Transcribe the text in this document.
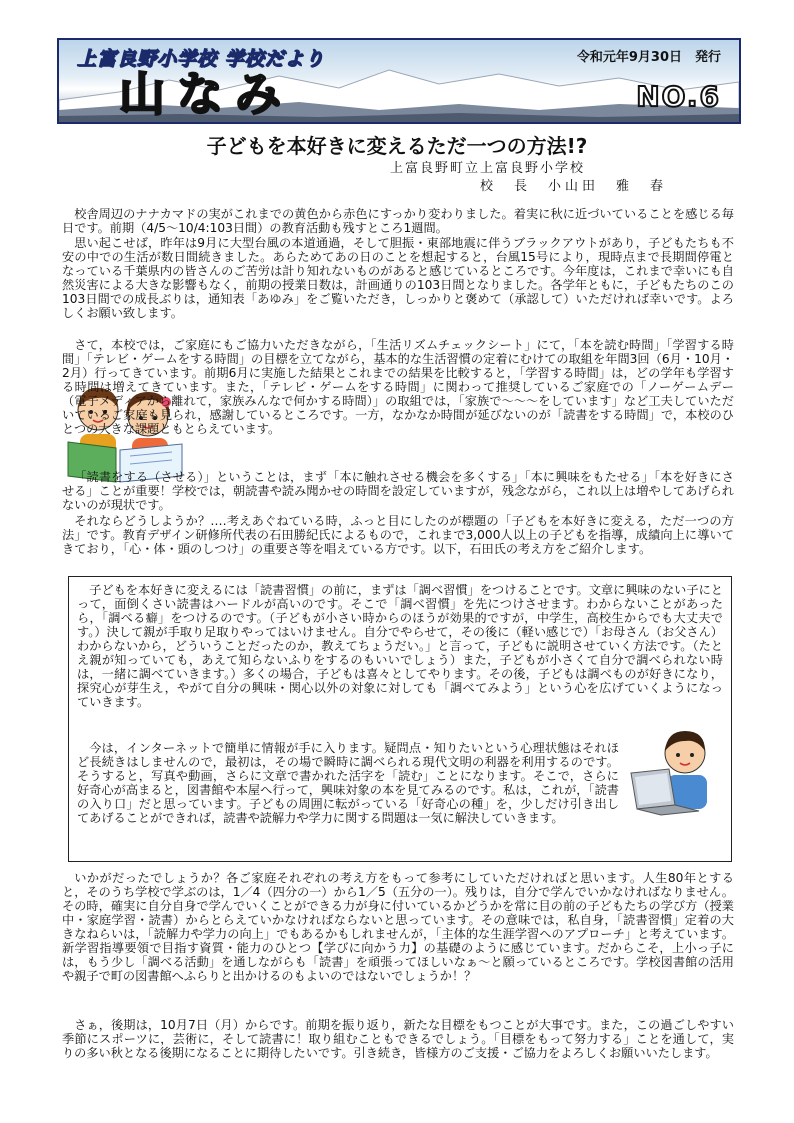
上富良野小学校 学校だより	令和元年9月30日　発行
山なみ	NO.6
子どもを本好きに変えるただ一つの方法!?
上富良野町立上富良野小学校
校　長　小山田　雅　春

校舎周辺のナナカマドの実がこれまでの黄色から赤色にすっかり変わりました。着実に秋に近づいていることを感じる毎日です。前期（4/5～10/4:103日間）の教育活動も残すところ1週間。

思い起こせば，昨年は9月に大型台風の本道通過，そして胆振・東部地震に伴うブラックアウトがあり，子どもたちも不安の中での生活が数日間続きました。あらためてあの日のことを想起すると，台風15号により，現時点まで長期間停電となっている千葉県内の皆さんのご苦労は計り知れないものがあると感じているところです。今年度は，これまで幸いにも自然災害による大きな影響もなく，前期の授業日数は，計画通りの103日間となりました。各学年ともに，子どもたちのこの103日間での成長ぶりは，通知表「あゆみ」をご覧いただき，しっかりと褒めて（承認して）いただければ幸いです。よろしくお願い致します。

さて，本校では，ご家庭にもご協力いただきながら，「生活リズムチェックシート」にて，「本を読む時間」「学習する時間」「テレビ・ゲームをする時間」の目標を立てながら，基本的な生活習慣の定着にむけての取組を年間3回（6月・10月・2月）行ってきています。前期6月に実施した結果とこれまでの結果を比較すると，「学習する時間」は，どの学年も学習する時間は増えてきています。また，「テレビ・ゲームをする時間」に関わって推奨しているご家庭での「ノーゲームデー（電子メディアから離れて，家族みんなで何かする時間）」の取組では，「家族で～～～をしています」など工夫していただいているご家庭も見られ，感謝しているところです。一方，なかなか時間が延びないのが「読書をする時間」で，本校のひとつの大きな課題ともとらえています。

「読書をする（させる）」ということは，まず「本に触れさせる機会を多くする」「本に興味をもたせる」「本を好きにさせる」ことが重要！学校では，朝読書や読み聞かせの時間を設定していますが，残念ながら，これ以上は増やしてあげられないのが現状です。

それならどうしようか？‥‥考えあぐねている時，ふっと目にしたのが標題の「子どもを本好きに変える，ただ一つの方法」です。教育デザイン研修所代表の石田勝紀氏によるもので，これまで3,000人以上の子どもを指導，成績向上に導いてきており，「心・体・頭のしつけ」の重要さ等を唱えている方です。以下，石田氏の考え方をご紹介します。

子どもを本好きに変えるには「読書習慣」の前に，まずは「調べ習慣」をつけることです。文章に興味のない子にとって，面倒くさい読書はハードルが高いのです。そこで「調べ習慣」を先につけさせます。わからないことがあったら，「調べる癖」をつけるのです。（子どもが小さい時からのほうが効果的ですが，中学生，高校生からでも大丈夫です。）決して親が手取り足取りやってはいけません。自分でやらせて，その後に（軽い感じで）「お母さん（お父さん）わからないから，どういうことだったのか，教えてちょうだい。」と言って，子どもに説明させていく方法です。（たとえ親が知っていても，あえて知らないふりをするのもいいでしょう）また，子どもが小さくて自分で調べられない時は，一緒に調べていきます。）多くの場合，子どもは喜々としてやります。その後，子どもは調べものが好きになり，探究心が芽生え，やがて自分の興味・関心以外の対象に対しても「調べてみよう」という心を広げていくようになっていきます。

今は，インターネットで簡単に情報が手に入ります。疑問点・知りたいという心理状態はそれほど長続きはしませんので，最初は，その場で瞬時に調べられる現代文明の利器を利用するのです。そうすると，写真や動画，さらに文章で書かれた活字を「読む」ことになります。そこで，さらに好奇心が高まると，図書館や本屋へ行って，興味対象の本を見てみるのです。私は，これが，「読書の入り口」だと思っています。子どもの周囲に転がっている「好奇心の種」を，少しだけ引き出してあげることができれば，読書や読解力や学力に関する問題は一気に解決していきます。

いかがだったでしょうか？各ご家庭それぞれの考え方をもって参考にしていただければと思います。人生80年とすると，そのうち学校で学ぶのは，1／4（四分の一）から1／5（五分の一）。残りは，自分で学んでいかなければなりません。その時，確実に自分自身で学んでいくことができる力が身に付いているかどうかを常に目の前の子どもたちの学び方（授業中・家庭学習・読書）からとらえていかなければならないと思っています。その意味では，私自身，「読書習慣」定着の大きなねらいは，「読解力や学力の向上」でもあるかもしれませんが，「主体的な生涯学習へのアプローチ」と考えています。新学習指導要領で目指す資質・能力のひとつ【学びに向かう力】の基礎のように感じています。だからこそ，上小っ子には，もう少し「調べる活動」を通しながらも「読書」を頑張ってほしいなぁ～と願っているところです。学校図書館の活用や親子で町の図書館へふらりと出かけるのもよいのではないでしょうか！？

さぁ，後期は，10月7日（月）からです。前期を振り返り，新たな目標をもつことが大事です。また，この過ごしやすい季節にスポーツに，芸術に，そして読書に！取り組むこともできるでしょう。「目標をもって努力する」ことを通して，実りの多い秋となる後期になることに期待したいです。引き続き，皆様方のご支援・ご協力をよろしくお願いいたします。
